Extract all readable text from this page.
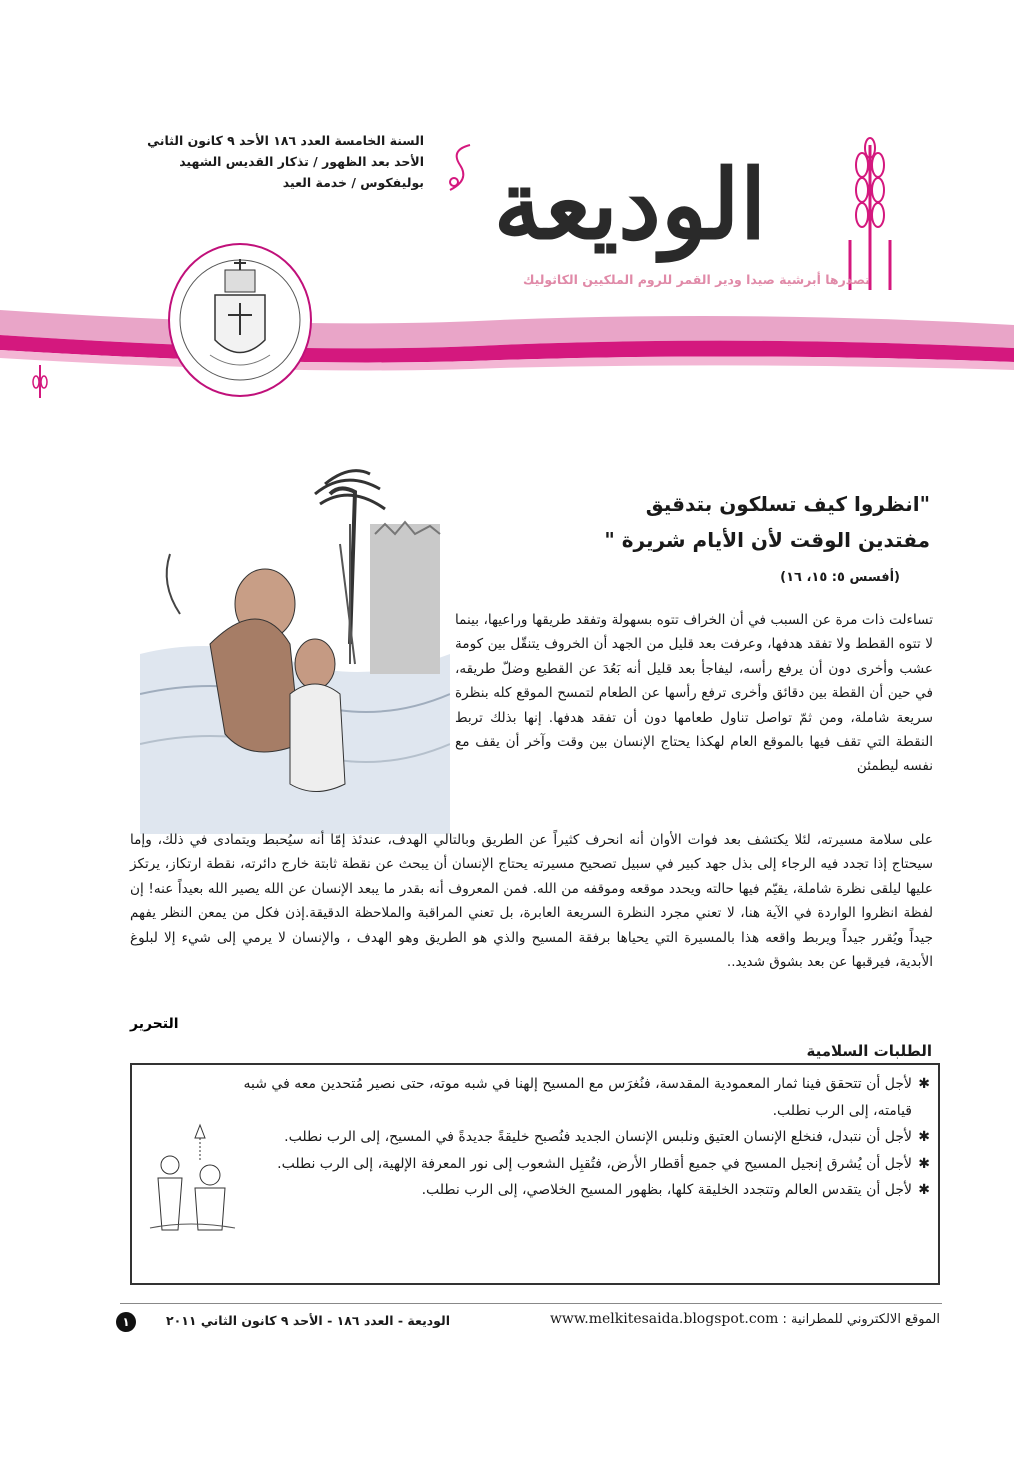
السنة الخامسة العدد ١٨٦ الأحد ٩ كانون الثاني
الأحد بعد الظهور / تذكار القديس الشهيد
بوليفكوس / خدمة العيد الوديعة
تصدرها أبرشية صيدا ودير القمر للروم الملكيين الكاثوليك
"انظروا كيف تسلكون بتدقيق
مفتدين الوقت لأن الأيام شريرة "
(أفسس ٥: ١٥، ١٦)
تساءلت ذات مرة عن السبب في أن الخراف تتوه بسهولة وتفقد طريقها وراعيها، بينما لا تتوه القطط ولا تفقد هدفها، وعرفت بعد قليل من الجهد أن الخروف يتنقّل بين كومة عشب وأخرى دون أن يرفع رأسه، ليفاجأ بعد قليل أنه بَعُدَ عن القطيع وضلّ طريقه، في حين أن القطة بين دقائق وأخرى ترفع رأسها عن الطعام لتمسح الموقع كله بنظرة سريعة شاملة، ومن ثمّ تواصل تناول طعامها دون أن تفقد هدفها. إنها بذلك تربط النقطة التي تقف فيها بالموقع العام لهكذا يحتاج الإنسان بين وقت وآخر أن يقف مع نفسه ليطمئن
على سلامة مسيرته، لئلا يكتشف بعد فوات الأوان أنه انحرف كثيراً عن الطريق وبالتالي الهدف، عندئذ إمّا أنه سيُحبط ويتمادى في ذلك، وإما سيحتاج إذا تجدد فيه الرجاء إلى بذل جهد كبير في سبيل تصحيح مسيرته يحتاج الإنسان أن يبحث عن نقطة ثابتة خارج دائرته، نقطة ارتكاز، يرتكز عليها ليلقى نظرة شاملة، يقيّم فيها حالته ويحدد موقعه وموقفه من الله. فمن المعروف أنه بقدر ما يبعد الإنسان عن الله يصير الله بعيداً عنه! إن لفظة انظروا الواردة في الآية هنا، لا تعني مجرد النظرة السريعة العابرة، بل تعني المراقبة والملاحظة الدقيقة.إذن فكل من يمعن النظر يفهم جيداً ويُقرر جيداً ويربط واقعه هذا بالمسيرة التي يحياها برفقة المسيح والذي هو الطريق وهو الهدف ، والإنسان لا يرمي إلى شيء إلا لبلوغ الأبدية، فيرقبها عن بعد بشوق شديد..
التحرير
الطلبات السلامية
✱
لأجل أن تتحقق فينا ثمار المعمودية المقدسة، فنُغرَس مع المسيح إلهنا في شبه موته، حتى نصير مُتحدين معه في شبه قيامته، إلى الرب نطلب.
✱
لأجل أن نتبدل، فنخلع الإنسان العتيق ونلبس الإنسان الجديد فنُصبح خليقةً جديدةً في المسيح، إلى الرب نطلب.
✱
لأجل أن يُشرق إنجيل المسيح في جميع أقطار الأرض، فتُقبِل الشعوب إلى نور المعرفة الإلهية، إلى الرب نطلب.
✱
لأجل أن يتقدس العالم وتتجدد الخليقة كلها، بظهور المسيح الخلاصي، إلى الرب نطلب.
الموقع الالكتروني للمطرانية : www.melkitesaida.blogspot.com
الوديعة - العدد ١٨٦ - الأحد ٩ كانون الثاني ٢٠١١
١
